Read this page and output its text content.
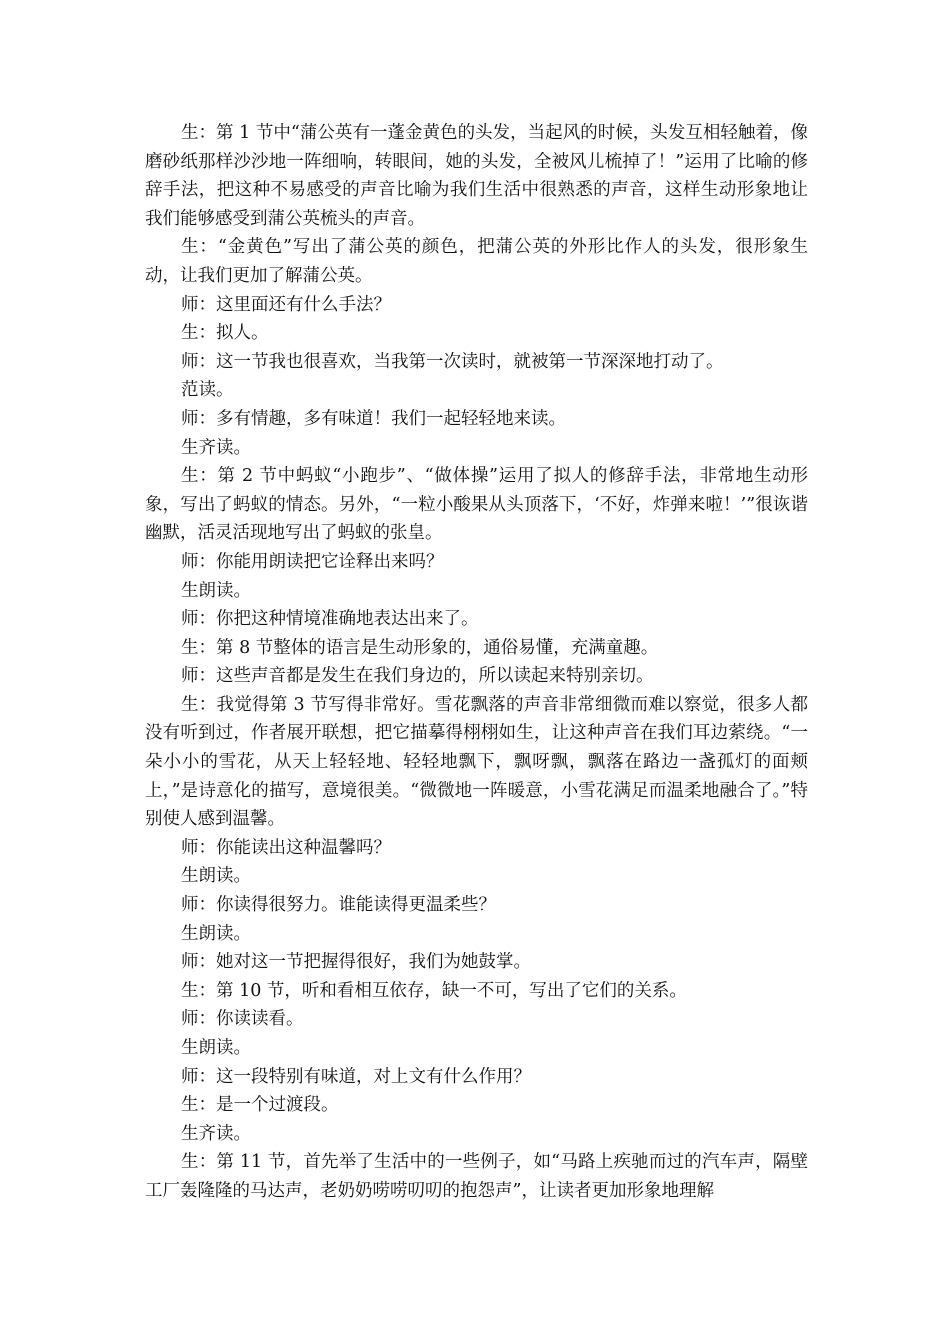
生：第 1 节中“蒲公英有一蓬金黄色的头发，当起风的时候，头发互相轻触着，像磨砂纸那样沙沙地一阵细响，转眼间，她的头发，全被风儿梳掉了！”运用了比喻的修辞手法，把这种不易感受的声音比喻为我们生活中很熟悉的声音，这样生动形象地让我们能够感受到蒲公英梳头的声音。

生：“金黄色”写出了蒲公英的颜色，把蒲公英的外形比作人的头发，很形象生动，让我们更加了解蒲公英。

师：这里面还有什么手法？

生：拟人。

师：这一节我也很喜欢，当我第一次读时，就被第一节深深地打动了。

范读。

师：多有情趣，多有味道！我们一起轻轻地来读。

生齐读。

生：第 2 节中蚂蚁“小跑步”、“做体操”运用了拟人的修辞手法，非常地生动形象，写出了蚂蚁的情态。另外，“一粒小酸果从头顶落下，‘不好，炸弹来啦！’”很诙谐幽默，活灵活现地写出了蚂蚁的张皇。

师：你能用朗读把它诠释出来吗？

生朗读。

师：你把这种情境准确地表达出来了。

生：第 8 节整体的语言是生动形象的，通俗易懂，充满童趣。

师：这些声音都是发生在我们身边的，所以读起来特别亲切。

生：我觉得第 3 节写得非常好。雪花飘落的声音非常细微而难以察觉，很多人都没有听到过，作者展开联想，把它描摹得栩栩如生，让这种声音在我们耳边萦绕。“一朵小小的雪花，从天上轻轻地、轻轻地飘下，飘呀飘，飘落在路边一盏孤灯的面颊上，”是诗意化的描写，意境很美。“微微地一阵暖意，小雪花满足而温柔地融合了。”特别使人感到温馨。

师：你能读出这种温馨吗？

生朗读。

师：你读得很努力。谁能读得更温柔些？

生朗读。

师：她对这一节把握得很好，我们为她鼓掌。

生：第 10 节，听和看相互依存，缺一不可，写出了它们的关系。

师：你读读看。

生朗读。

师：这一段特别有味道，对上文有什么作用？

生：是一个过渡段。

生齐读。

生：第 11 节，首先举了生活中的一些例子，如“马路上疾驰而过的汽车声，隔壁工厂轰隆隆的马达声，老奶奶唠唠叨叨的抱怨声”，让读者更加形象地理解
